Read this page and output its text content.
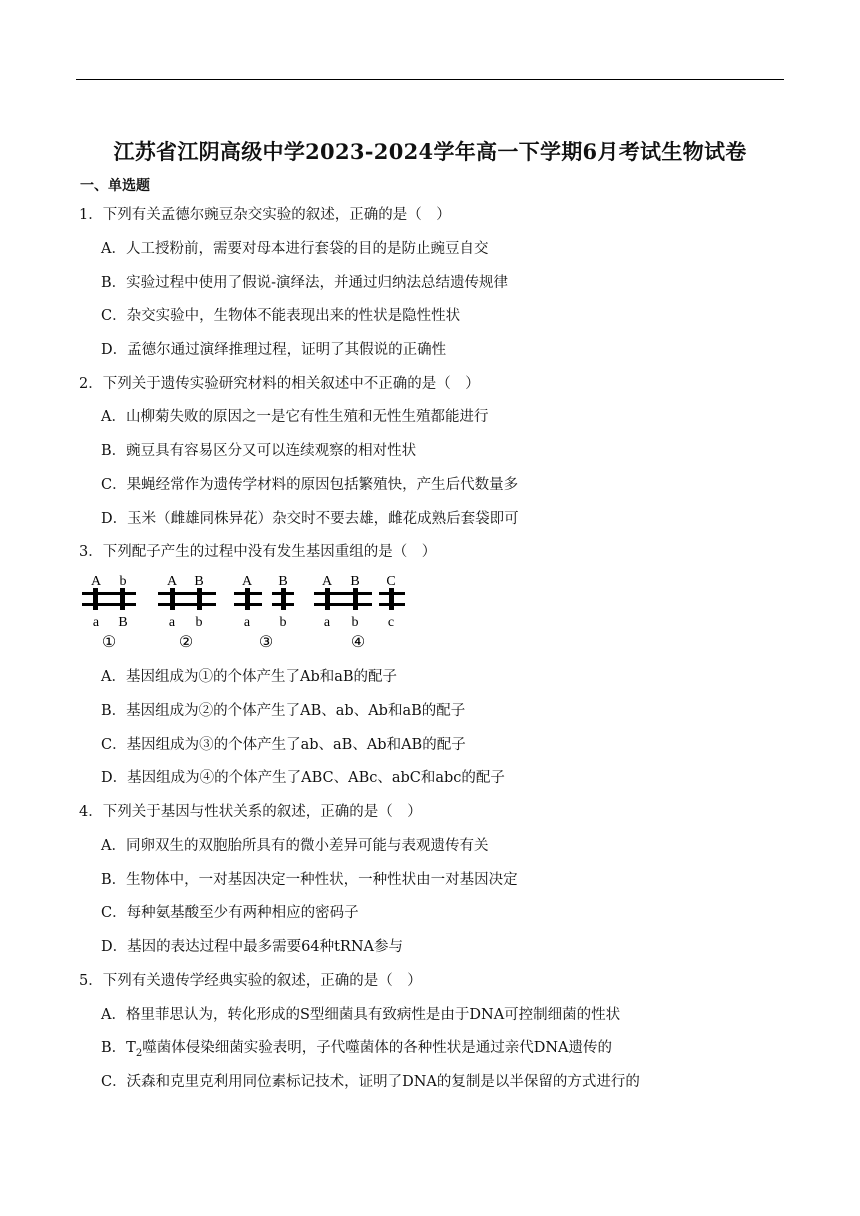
江苏省江阴高级中学2023-2024学年高一下学期6月考试生物试卷
一、单选题
1．下列有关孟德尔豌豆杂交实验的叙述，正确的是（　）
A．人工授粉前，需要对母本进行套袋的目的是防止豌豆自交
B．实验过程中使用了假说-演绎法，并通过归纳法总结遗传规律
C．杂交实验中，生物体不能表现出来的性状是隐性性状
D．孟德尔通过演绎推理过程，证明了其假说的正确性
2．下列关于遗传实验研究材料的相关叙述中不正确的是（　）
A．山柳菊失败的原因之一是它有性生殖和无性生殖都能进行
B．豌豆具有容易区分又可以连续观察的相对性状
C．果蝇经常作为遗传学材料的原因包括繁殖快，产生后代数量多
D．玉米（雌雄同株异花）杂交时不要去雄，雌花成熟后套袋即可
3．下列配子产生的过程中没有发生基因重组的是（　）
A b
a B
①
A B
a b
②
A B
a b
③
A B C
a b c
④
A．基因组成为①的个体产生了Ab和aB的配子
B．基因组成为②的个体产生了AB、ab、Ab和aB的配子
C．基因组成为③的个体产生了ab、aB、Ab和AB的配子
D．基因组成为④的个体产生了ABC、ABc、abC和abc的配子
4．下列关于基因与性状关系的叙述，正确的是（　）
A．同卵双生的双胞胎所具有的微小差异可能与表观遗传有关
B．生物体中，一对基因决定一种性状，一种性状由一对基因决定
C．每种氨基酸至少有两种相应的密码子
D．基因的表达过程中最多需要64种tRNA参与
5．下列有关遗传学经典实验的叙述，正确的是（　）
A．格里菲思认为，转化形成的S型细菌具有致病性是由于DNA可控制细菌的性状
B．$T_2$噬菌体侵染细菌实验表明，子代噬菌体的各种性状是通过亲代DNA遗传的
C．沃森和克里克利用同位素标记技术，证明了DNA的复制是以半保留的方式进行的
